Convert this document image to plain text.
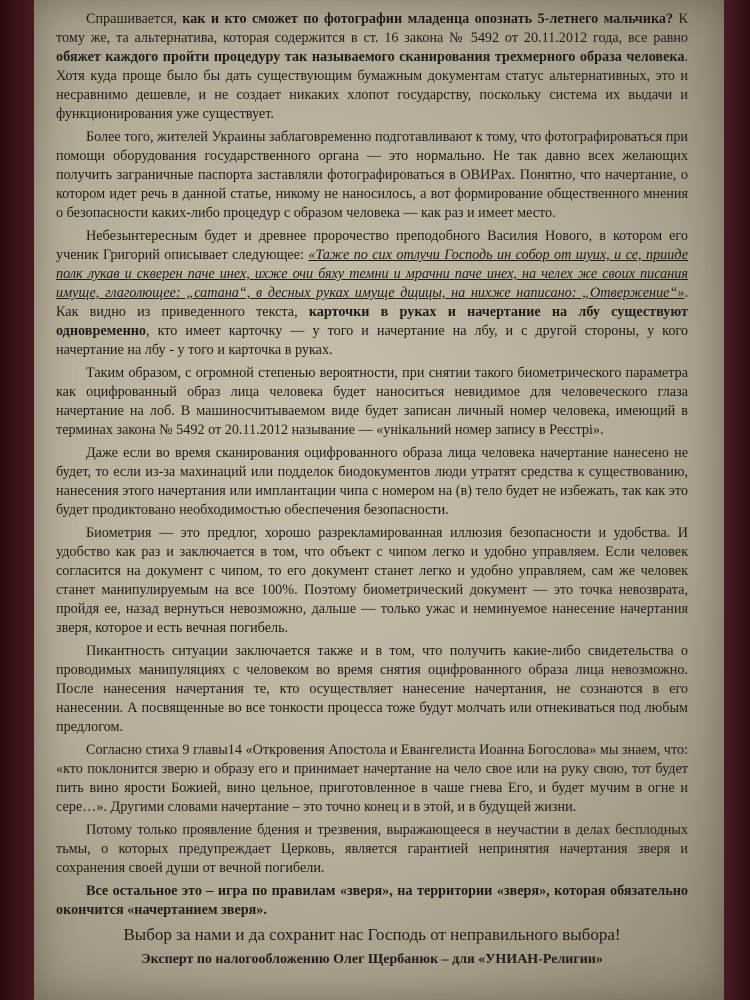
Спрашивается, как и кто сможет по фотографии младенца опознать 5-летнего мальчика? К тому же, та альтернатива, которая содержится в ст. 16 закона № 5492 от 20.11.2012 года, все равно обяжет каждого пройти процедуру так называемого сканирования трехмерного образа человека. Хотя куда проще было бы дать существующим бумажным документам статус альтернативных, это и несравнимо дешевле, и не создает никаких хлопот государству, поскольку система их выдачи и функционирования уже существует.

Более того, жителей Украины заблаговременно подготавливают к тому, что фотографироваться при помощи оборудования государственного органа — это нормально. Не так давно всех желающих получить заграничные паспорта заставляли фотографироваться в ОВИРах. Понятно, что начертание, о котором идет речь в данной статье, никому не наносилось, а вот формирование общественного мнения о безопасности каких-либо процедур с образом человека — как раз и имеет место.

Небезынтересным будет и древнее пророчество преподобного Василия Нового, в котором его ученик Григорий описывает следующее: «Таже по сих отлучи Господь ин собор от шуих, и се, прииде полк лукав и скверен паче инех, ихже очи бяху темни и мрачни паче инех, на челех же своих писания имуще, глаголющее: „сатана“, в десных руках имуще дщицы, на нихже написано: „Отвержение“». Как видно из приведенного текста, карточки в руках и начертание на лбу существуют одновременно, кто имеет карточку — у того и начертание на лбу, и с другой стороны, у кого начертание на лбу - у того и карточка в руках.

Таким образом, с огромной степенью вероятности, при снятии такого биометрического параметра как оцифрованный образ лица человека будет наноситься невидимое для человеческого глаза начертание на лоб. В машиносчитываемом виде будет записан личный номер человека, имеющий в терминах закона № 5492 от 20.11.2012 называние — «унікальний номер запису в Реєстрі».

Даже если во время сканирования оцифрованного образа лица человека начертание нанесено не будет, то если из-за махинаций или подделок биодокументов люди утратят средства к существованию, нанесения этого начертания или имплантации чипа с номером на (в) тело будет не избежать, так как это будет продиктовано необходимостью обеспечения безопасности.

Биометрия — это предлог, хорошо разрекламированная иллюзия безопасности и удобства. И удобство как раз и заключается в том, что объект с чипом легко и удобно управляем. Если человек согласится на документ с чипом, то его документ станет легко и удобно управляем, сам же человек станет манипулируемым на все 100%. Поэтому биометрический документ — это точка невозврата, пройдя ее, назад вернуться невозможно, дальше — только ужас и неминуемое нанесение начертания зверя, которое и есть вечная погибель.

Пикантность ситуации заключается также и в том, что получить какие-либо свидетельства о проводимых манипуляциях с человеком во время снятия оцифрованного образа лица невозможно. После нанесения начертания те, кто осуществляет нанесение начертания, не сознаются в его нанесении. А посвященные во все тонкости процесса тоже будут молчать или отнекиваться под любым предлогом.

Согласно стиха 9 главы14 «Откровения Апостола и Евангелиста Иоанна Богослова» мы знаем, что: «кто поклонится зверю и образу его и принимает начертание на чело свое или на руку свою, тот будет пить вино ярости Божией, вино цельное, приготовленное в чаше гнева Его, и будет мучим в огне и сере…». Другими словами начертание – это точно конец и в этой, и в будущей жизни.

Потому только проявление бдения и трезвения, выражающееся в неучастии в делах бесплодных тьмы, о которых предупреждает Церковь, является гарантией непринятия начертания зверя и сохранения своей души от вечной погибели.

Все остальное это – игра по правилам «зверя», на территории «зверя», которая обязательно окончится «начертанием зверя».

Выбор за нами и да сохранит нас Господь от неправильного выбора!

Эксперт по налогообложению Олег Щербанюк – для «УНИАН-Религии»
